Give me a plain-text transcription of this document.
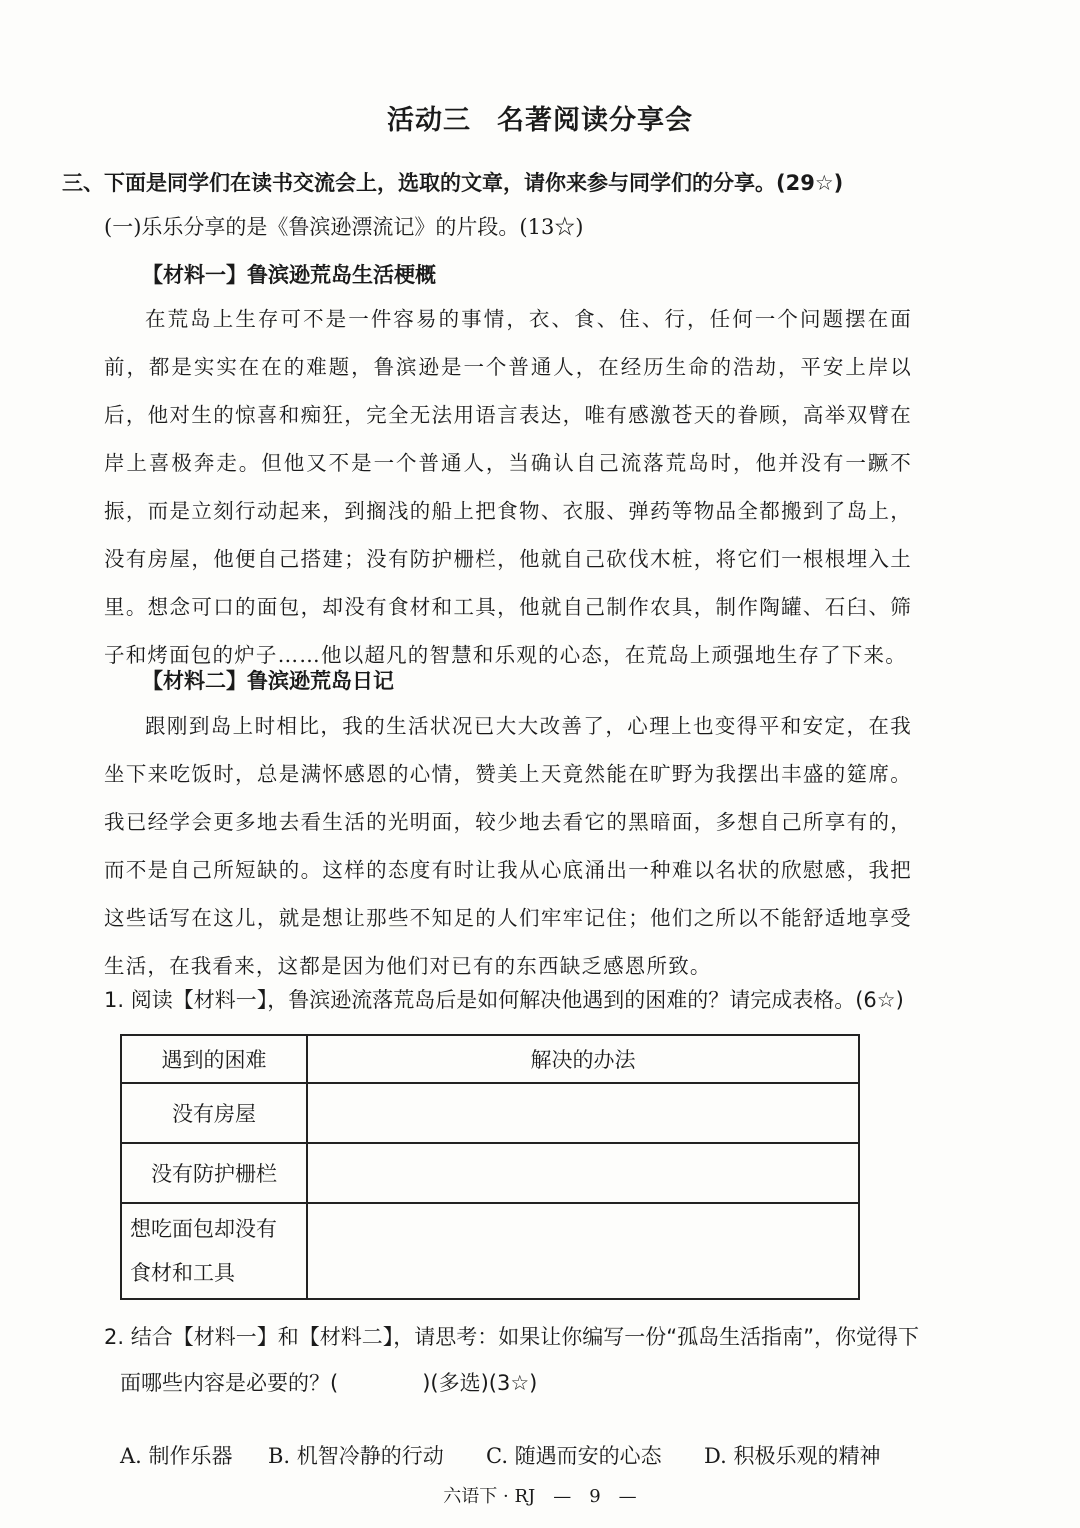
活动三 名著阅读分享会
三、下面是同学们在读书交流会上，选取的文章，请你来参与同学们的分享。(29☆)
(一)乐乐分享的是《鲁滨逊漂流记》的片段。(13☆)
【材料一】鲁滨逊荒岛生活梗概
在荒岛上生存可不是一件容易的事情，衣、食、住、行，任何一个问题摆在面前，都是实实在在的难题，鲁滨逊是一个普通人，在经历生命的浩劫，平安上岸以后，他对生的惊喜和痴狂，完全无法用语言表达，唯有感激苍天的眷顾，高举双臂在岸上喜极奔走。但他又不是一个普通人，当确认自己流落荒岛时，他并没有一蹶不振，而是立刻行动起来，到搁浅的船上把食物、衣服、弹药等物品全都搬到了岛上，没有房屋，他便自己搭建；没有防护栅栏，他就自己砍伐木桩，将它们一根根埋入土里。想念可口的面包，却没有食材和工具，他就自己制作农具，制作陶罐、石臼、筛子和烤面包的炉子……他以超凡的智慧和乐观的心态，在荒岛上顽强地生存了下来。
【材料二】鲁滨逊荒岛日记
跟刚到岛上时相比，我的生活状况已大大改善了，心理上也变得平和安定，在我坐下来吃饭时，总是满怀感恩的心情，赞美上天竟然能在旷野为我摆出丰盛的筵席。我已经学会更多地去看生活的光明面，较少地去看它的黑暗面，多想自己所享有的，而不是自己所短缺的。这样的态度有时让我从心底涌出一种难以名状的欣慰感，我把这些话写在这儿，就是想让那些不知足的人们牢牢记住；他们之所以不能舒适地享受生活，在我看来，这都是因为他们对已有的东西缺乏感恩所致。
1. 阅读【材料一】，鲁滨逊流落荒岛后是如何解决他遇到的困难的？请完成表格。(6☆)
遇到的困难	解决的办法
没有房屋	
没有防护栅栏	

想吃面包却没有
食材和工具	

2. 结合【材料一】和【材料二】，请思考：如果让你编写一份“孤岛生活指南”，你觉得下
面哪些内容是必要的？(　　　　)(多选)(3☆)
A. 制作乐器 B. 机智冷静的行动 C. 随遇而安的心态 D. 积极乐观的精神
六语下 · RJ　—　9　—
